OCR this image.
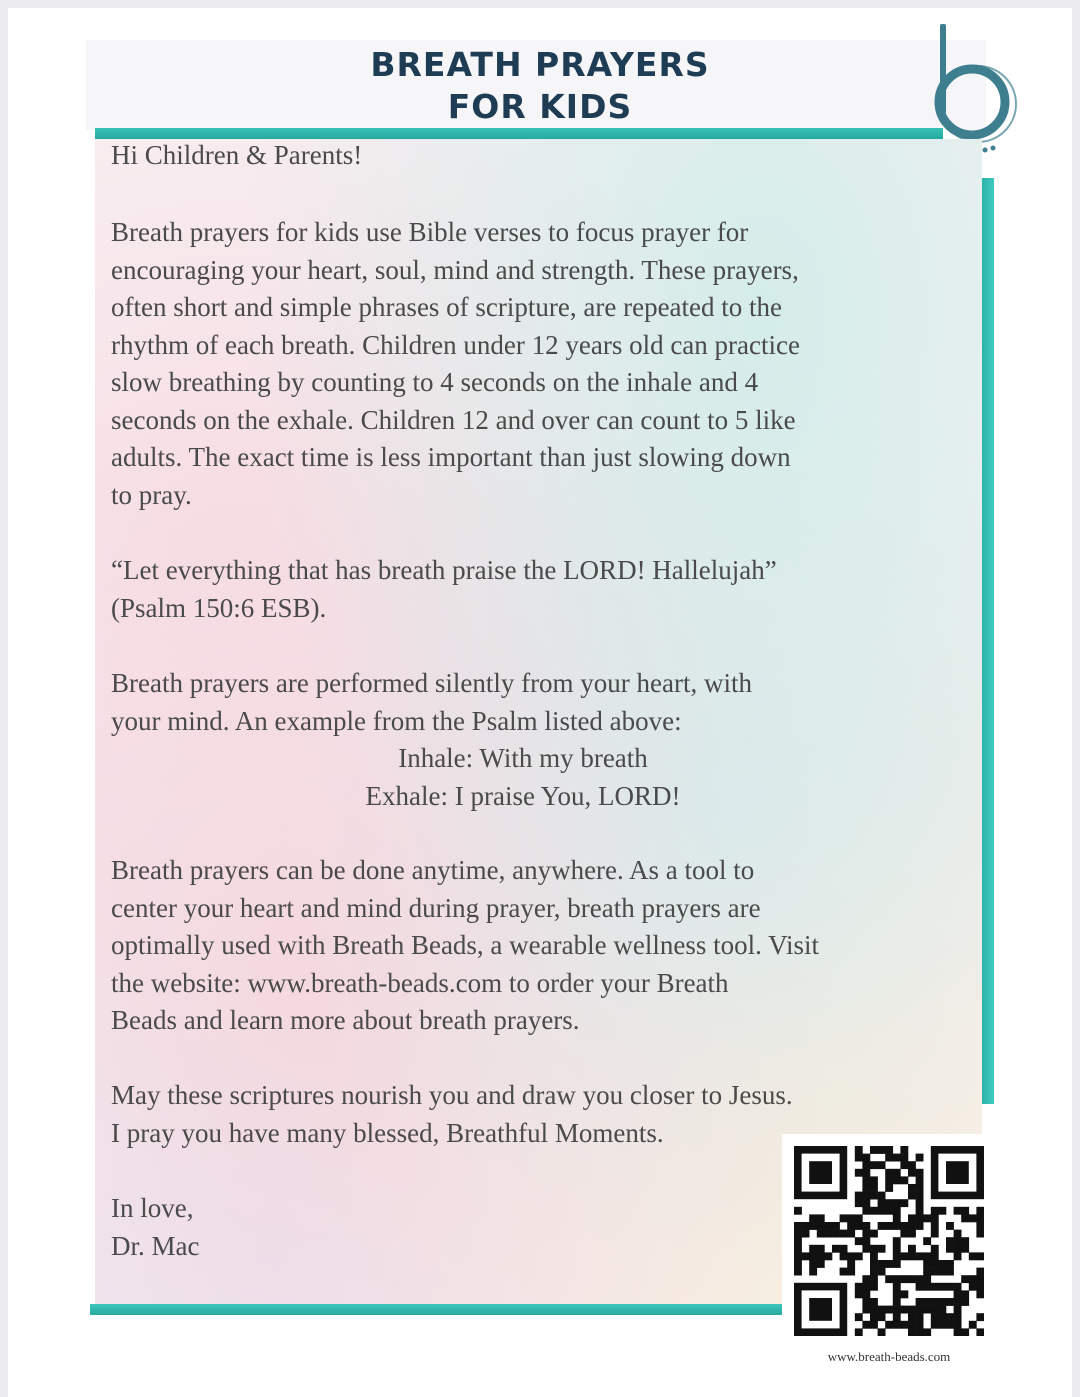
BREATH PRAYERS
FOR KIDS
Hi Children & Parents!
Breath prayers for kids use Bible verses to focus prayer for
encouraging your heart, soul, mind and strength. These prayers,
often short and simple phrases of scripture, are repeated to the
rhythm of each breath. Children under 12 years old can practice
slow breathing by counting to 4 seconds on the inhale and 4
seconds on the exhale. Children 12 and over can count to 5 like
adults. The exact time is less important than just slowing down
to pray.
“Let everything that has breath praise the LORD! Hallelujah”
(Psalm 150:6 ESB).
Breath prayers are performed silently from your heart, with
your mind. An example from the Psalm listed above:
Inhale: With my breath
Exhale: I praise You, LORD!
Breath prayers can be done anytime, anywhere. As a tool to
center your heart and mind during prayer, breath prayers are
optimally used with Breath Beads, a wearable wellness tool. Visit
the website: www.breath-beads.com to order your Breath
Beads and learn more about breath prayers.
May these scriptures nourish you and draw you closer to Jesus.
I pray you have many blessed, Breathful Moments.
In love,
Dr. Mac
www.breath-beads.com
